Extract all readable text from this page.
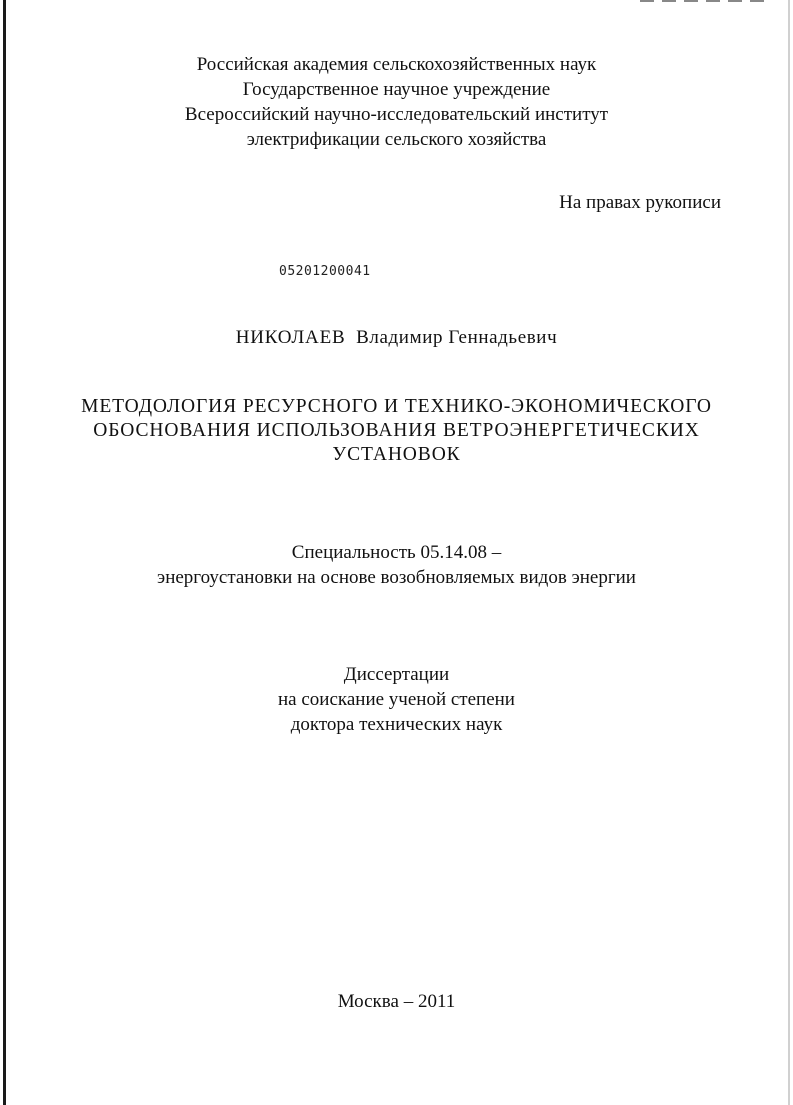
Российская академия сельскохозяйственных наук
Государственное научное учреждение
Всероссийский научно-исследовательский институт
электрификации сельского хозяйства
На правах рукописи
05201200041
НИКОЛАЕВ Владимир Геннадьевич
МЕТОДОЛОГИЯ РЕСУРСНОГО И ТЕХНИКО-ЭКОНОМИЧЕСКОГО
ОБОСНОВАНИЯ ИСПОЛЬЗОВАНИЯ ВЕТРОЭНЕРГЕТИЧЕСКИХ
УСТАНОВОК
Специальность 05.14.08 –
энергоустановки на основе возобновляемых видов энергии
Диссертации
на соискание ученой степени
доктора технических наук
Москва – 2011
